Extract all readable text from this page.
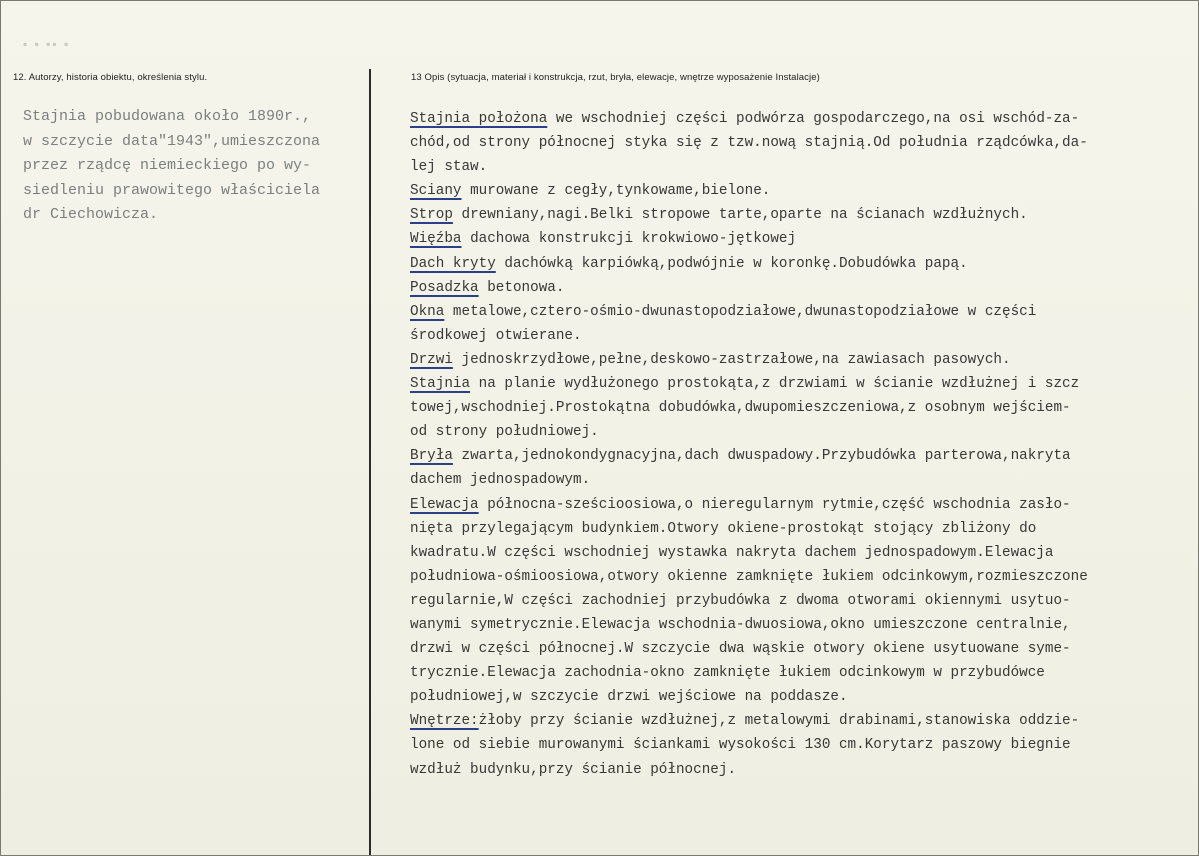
▪ ▪ ▪▪ ▪
12. Autorzy, historia obiektu, określenia stylu.	13 Opis (sytuacja, materiał i konstrukcja, rzut, bryła, elewacje, wnętrze wyposażenie Instalacje)
Stajnia pobudowana około 1890r.,
w szczycie data"1943",umieszczona
przez rządcę niemieckiego po wy-
siedleniu prawowitego właściciela
dr Ciechowicza.
Stajnia położona we wschodniej części podwórza gospodarczego,na osi wschód-za-
chód,od strony północnej styka się z tzw.nową stajnią.Od południa rządcówka,da-
lej staw.
Sciany murowane z cegły,tynkowame,bielone.
Strop drewniany,nagi.Belki stropowe tarte,oparte na ścianach wzdłużnych.
Więźba dachowa konstrukcji krokwiowo-jętkowej
Dach kryty dachówką karpiówką,podwójnie w koronkę.Dobudówka papą.
Posadzka betonowa.
Okna metalowe,cztero-ośmio-dwunastopodziałowe,dwunastopodziałowe w części
środkowej otwierane.
Drzwi jednoskrzydłowe,pełne,deskowo-zastrzałowe,na zawiasach pasowych.
Stajnia na planie wydłużonego prostokąta,z drzwiami w ścianie wzdłużnej i szcz
towej,wschodniej.Prostokątna dobudówka,dwupomieszczeniowa,z osobnym wejściem-
od strony południowej.
Bryła zwarta,jednokondygnacyjna,dach dwuspadowy.Przybudówka parterowa,nakryta
dachem jednospadowym.
Elewacja północna-sześcioosiowa,o nieregularnym rytmie,część wschodnia zasło-
nięta przylegającym budynkiem.Otwory okiene-prostokąt stojący zbliżony do
kwadratu.W części wschodniej wystawka nakryta dachem jednospadowym.Elewacja
południowa-ośmioosiowa,otwory okienne zamknięte łukiem odcinkowym,rozmieszczone
regularnie,W części zachodniej przybudówka z dwoma otworami okiennymi usytuo-
wanymi symetrycznie.Elewacja wschodnia-dwuosiowa,okno umieszczone centralnie,
drzwi w części północnej.W szczycie dwa wąskie otwory okiene usytuowane syme-
trycznie.Elewacja zachodnia-okno zamknięte łukiem odcinkowym w przybudówce
południowej,w szczycie drzwi wejściowe na poddasze.
Wnętrze:żłoby przy ścianie wzdłużnej,z metalowymi drabinami,stanowiska oddzie-
lone od siebie murowanymi ściankami wysokości 130 cm.Korytarz paszowy biegnie
wzdłuż budynku,przy ścianie północnej.
